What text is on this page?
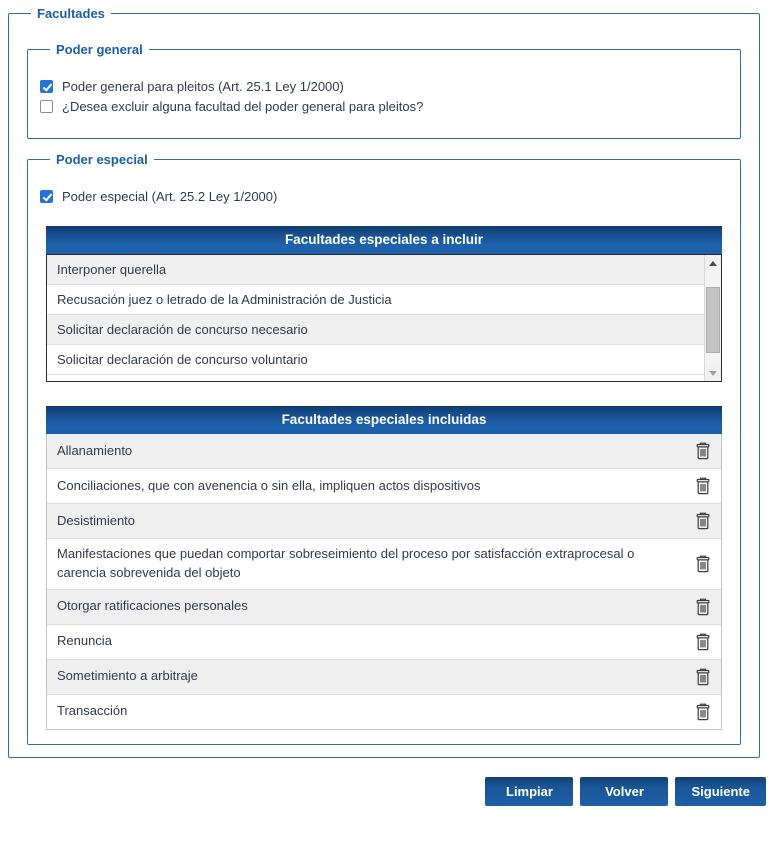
Facultades
Poder general
Poder general para pleitos (Art. 25.1 Ley 1/2000)
¿Desea excluir alguna facultad del poder general para pleitos?
Poder especial
Poder especial (Art. 25.2 Ley 1/2000)
Facultades especiales a incluir
Interponer querella
Recusación juez o letrado de la Administración de Justicia
Solicitar declaración de concurso necesario
Solicitar declaración de concurso voluntario
Facultades especiales incluidas
Allanamiento
Conciliaciones, que con avenencia o sin ella, impliquen actos dispositivos
Desistimiento
Manifestaciones que puedan comportar sobreseimiento del proceso por satisfacción extraprocesal o carencia sobrevenida del objeto
Otorgar ratificaciones personales
Renuncia
Sometimiento a arbitraje
Transacción
Limpiar	Volver	Siguiente
